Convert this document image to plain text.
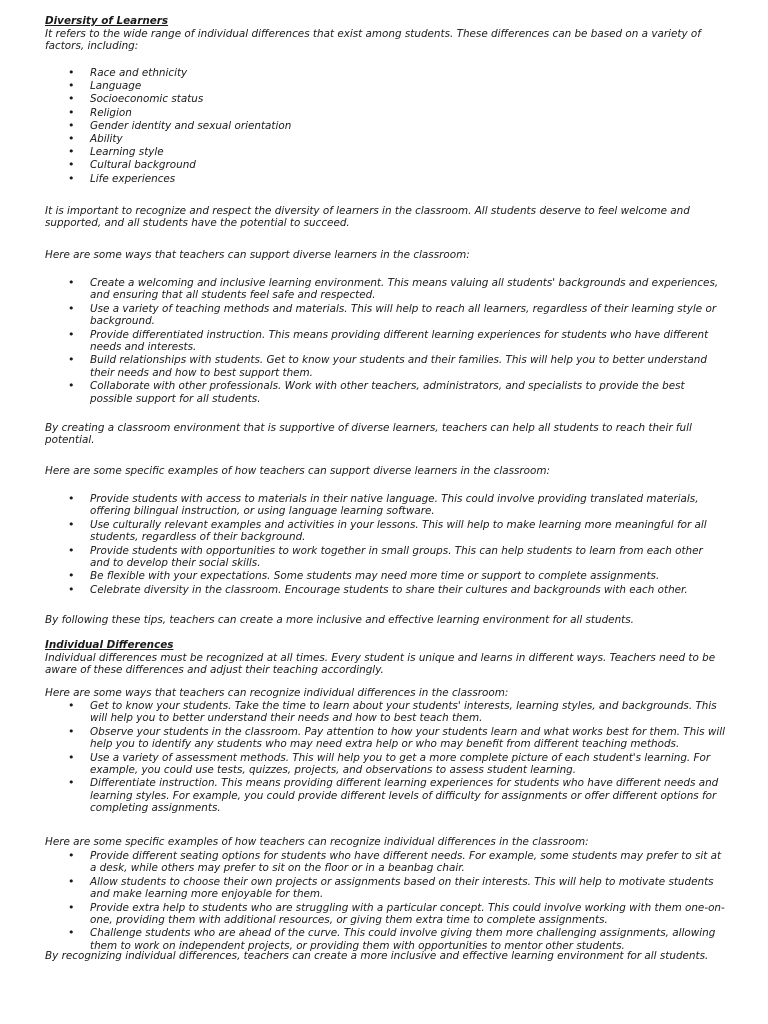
Diversity of Learners

It refers to the wide range of individual differences that exist among students. These differences can be based on a variety of factors, including:

• Race and ethnicity
• Language
• Socioeconomic status
• Religion
• Gender identity and sexual orientation
• Ability
• Learning style
• Cultural background
• Life experiences

It is important to recognize and respect the diversity of learners in the classroom. All students deserve to feel welcome and supported, and all students have the potential to succeed.

Here are some ways that teachers can support diverse learners in the classroom:

• Create a welcoming and inclusive learning environment. This means valuing all students' backgrounds and experiences, and ensuring that all students feel safe and respected.
• Use a variety of teaching methods and materials. This will help to reach all learners, regardless of their learning style or background.
• Provide differentiated instruction. This means providing different learning experiences for students who have different needs and interests.
• Build relationships with students. Get to know your students and their families. This will help you to better understand their needs and how to best support them.
• Collaborate with other professionals. Work with other teachers, administrators, and specialists to provide the best possible support for all students.

By creating a classroom environment that is supportive of diverse learners, teachers can help all students to reach their full potential.

Here are some specific examples of how teachers can support diverse learners in the classroom:

• Provide students with access to materials in their native language. This could involve providing translated materials, offering bilingual instruction, or using language learning software.
• Use culturally relevant examples and activities in your lessons. This will help to make learning more meaningful for all students, regardless of their background.
• Provide students with opportunities to work together in small groups. This can help students to learn from each other and to develop their social skills.
• Be flexible with your expectations. Some students may need more time or support to complete assignments.
• Celebrate diversity in the classroom. Encourage students to share their cultures and backgrounds with each other.

By following these tips, teachers can create a more inclusive and effective learning environment for all students.

Individual Differences

Individual differences must be recognized at all times. Every student is unique and learns in different ways. Teachers need to be aware of these differences and adjust their teaching accordingly.

Here are some ways that teachers can recognize individual differences in the classroom:

• Get to know your students. Take the time to learn about your students' interests, learning styles, and backgrounds. This will help you to better understand their needs and how to best teach them.
• Observe your students in the classroom. Pay attention to how your students learn and what works best for them. This will help you to identify any students who may need extra help or who may benefit from different teaching methods.
• Use a variety of assessment methods. This will help you to get a more complete picture of each student's learning. For example, you could use tests, quizzes, projects, and observations to assess student learning.
• Differentiate instruction. This means providing different learning experiences for students who have different needs and learning styles. For example, you could provide different levels of difficulty for assignments or offer different options for completing assignments.

Here are some specific examples of how teachers can recognize individual differences in the classroom:

• Provide different seating options for students who have different needs. For example, some students may prefer to sit at a desk, while others may prefer to sit on the floor or in a beanbag chair.
• Allow students to choose their own projects or assignments based on their interests. This will help to motivate students and make learning more enjoyable for them.
• Provide extra help to students who are struggling with a particular concept. This could involve working with them one-on-one, providing them with additional resources, or giving them extra time to complete assignments.
• Challenge students who are ahead of the curve. This could involve giving them more challenging assignments, allowing them to work on independent projects, or providing them with opportunities to mentor other students.

By recognizing individual differences, teachers can create a more inclusive and effective learning environment for all students.
